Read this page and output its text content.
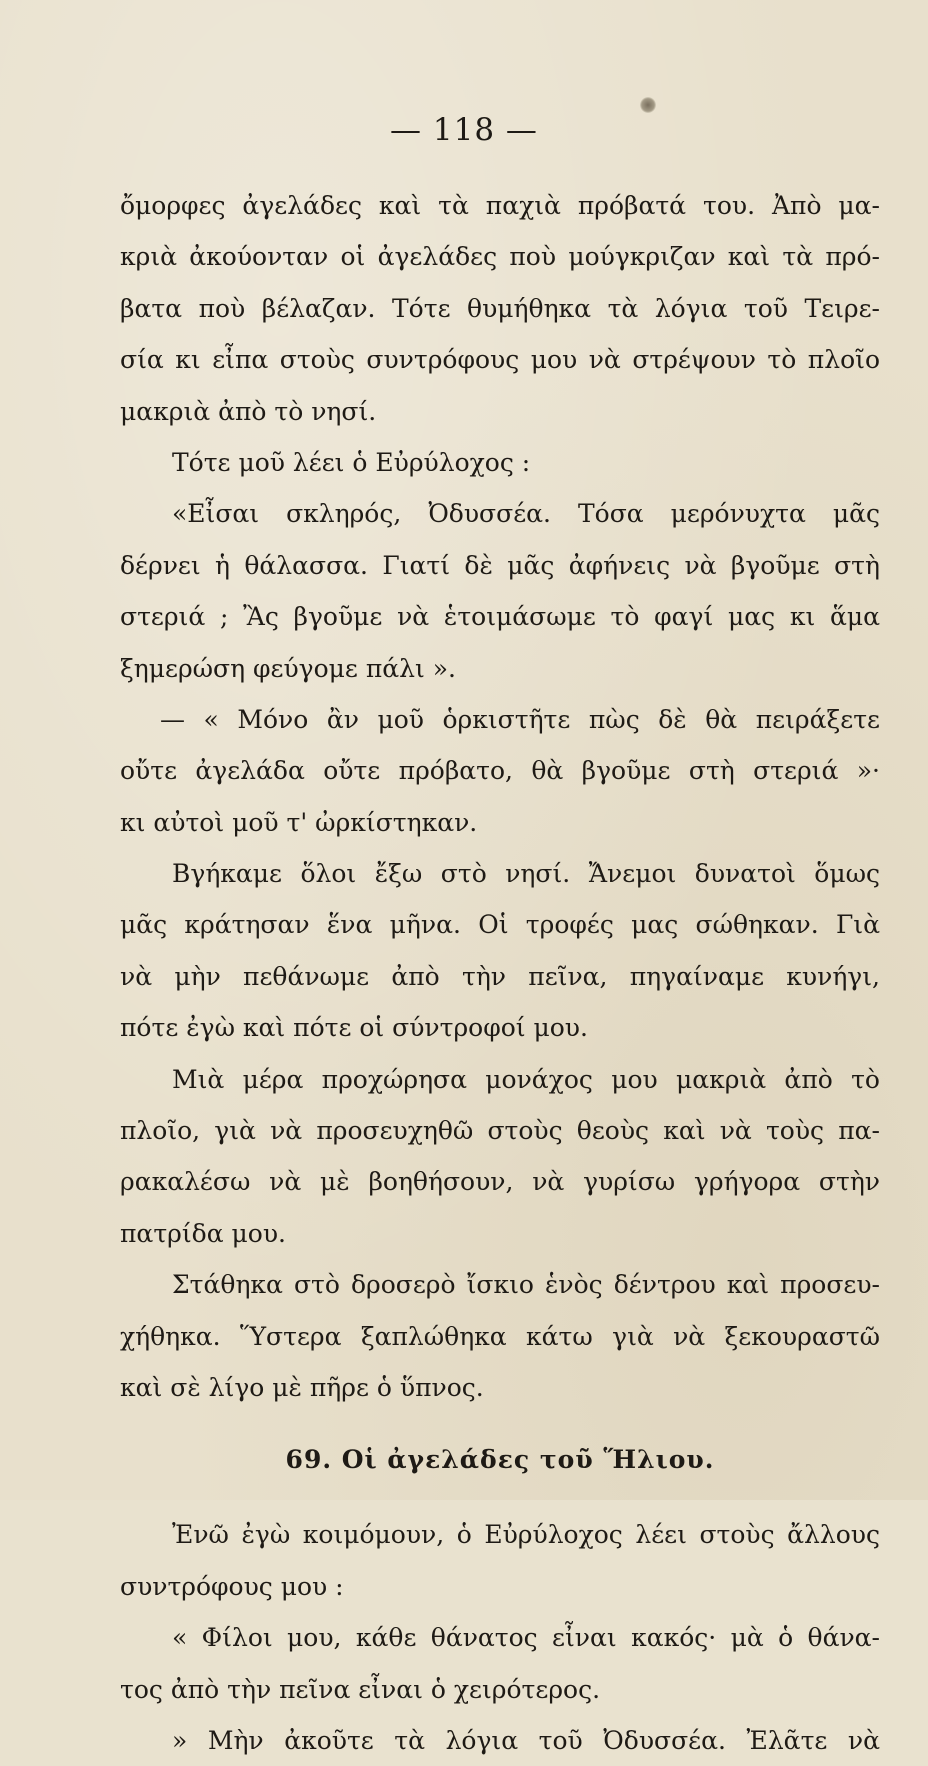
— 118 —
ὄμορφες ἀγελάδες καὶ τὰ παχιὰ πρόβατά του. Ἀπὸ μα-
κριὰ ἀκούονταν οἱ ἀγελάδες ποὺ μούγκριζαν καὶ τὰ πρό-
βατα ποὺ βέλαζαν. Τότε θυμήθηκα τὰ λόγια τοῦ Τειρε-
σία κι εἶπα στοὺς συντρόφους μου νὰ στρέψουν τὸ πλοῖο
μακριὰ ἀπὸ τὸ νησί.
Τότε μοῦ λέει ὁ Εὐρύλοχος :
«Εἶσαι σκληρός, Ὀδυσσέα. Τόσα μερόνυχτα μᾶς
δέρνει ἡ θάλασσα. Γιατί δὲ μᾶς ἀφήνεις νὰ βγοῦμε στὴ
στεριά ; Ἂς βγοῦμε νὰ ἑτοιμάσωμε τὸ φαγί μας κι ἅμα
ξημερώση φεύγομε πάλι ».
— « Μόνο ἂν μοῦ ὁρκιστῆτε πὼς δὲ θὰ πειράξετε
οὔτε ἀγελάδα οὔτε πρόβατο, θὰ βγοῦμε στὴ στεριά »·
κι αὐτοὶ μοῦ τ' ὠρκίστηκαν.
Βγήκαμε ὅλοι ἔξω στὸ νησί. Ἄνεμοι δυνατοὶ ὅμως
μᾶς κράτησαν ἕνα μῆνα. Οἱ τροφές μας σώθηκαν. Γιὰ
νὰ μὴν πεθάνωμε ἀπὸ τὴν πεῖνα, πηγαίναμε κυνήγι,
πότε ἐγὼ καὶ πότε οἱ σύντροφοί μου.
Μιὰ μέρα προχώρησα μονάχος μου μακριὰ ἀπὸ τὸ
πλοῖο, γιὰ νὰ προσευχηθῶ στοὺς θεοὺς καὶ νὰ τοὺς πα-
ρακαλέσω νὰ μὲ βοηθήσουν, νὰ γυρίσω γρήγορα στὴν
πατρίδα μου.
Στάθηκα στὸ δροσερὸ ἴσκιο ἑνὸς δέντρου καὶ προσευ-
χήθηκα. Ὕστερα ξαπλώθηκα κάτω γιὰ νὰ ξεκουραστῶ
καὶ σὲ λίγο μὲ πῆρε ὁ ὕπνος.
69. Οἱ ἀγελάδες τοῦ Ἥλιου.
Ἐνῶ ἐγὼ κοιμόμουν, ὁ Εὐρύλοχος λέει στοὺς ἄλλους
συντρόφους μου :
« Φίλοι μου, κάθε θάνατος εἶναι κακός· μὰ ὁ θάνα-
τος ἀπὸ τὴν πεῖνα εἶναι ὁ χειρότερος.
» Μὴν ἀκοῦτε τὰ λόγια τοῦ Ὀδυσσέα. Ἐλᾶτε νὰ
